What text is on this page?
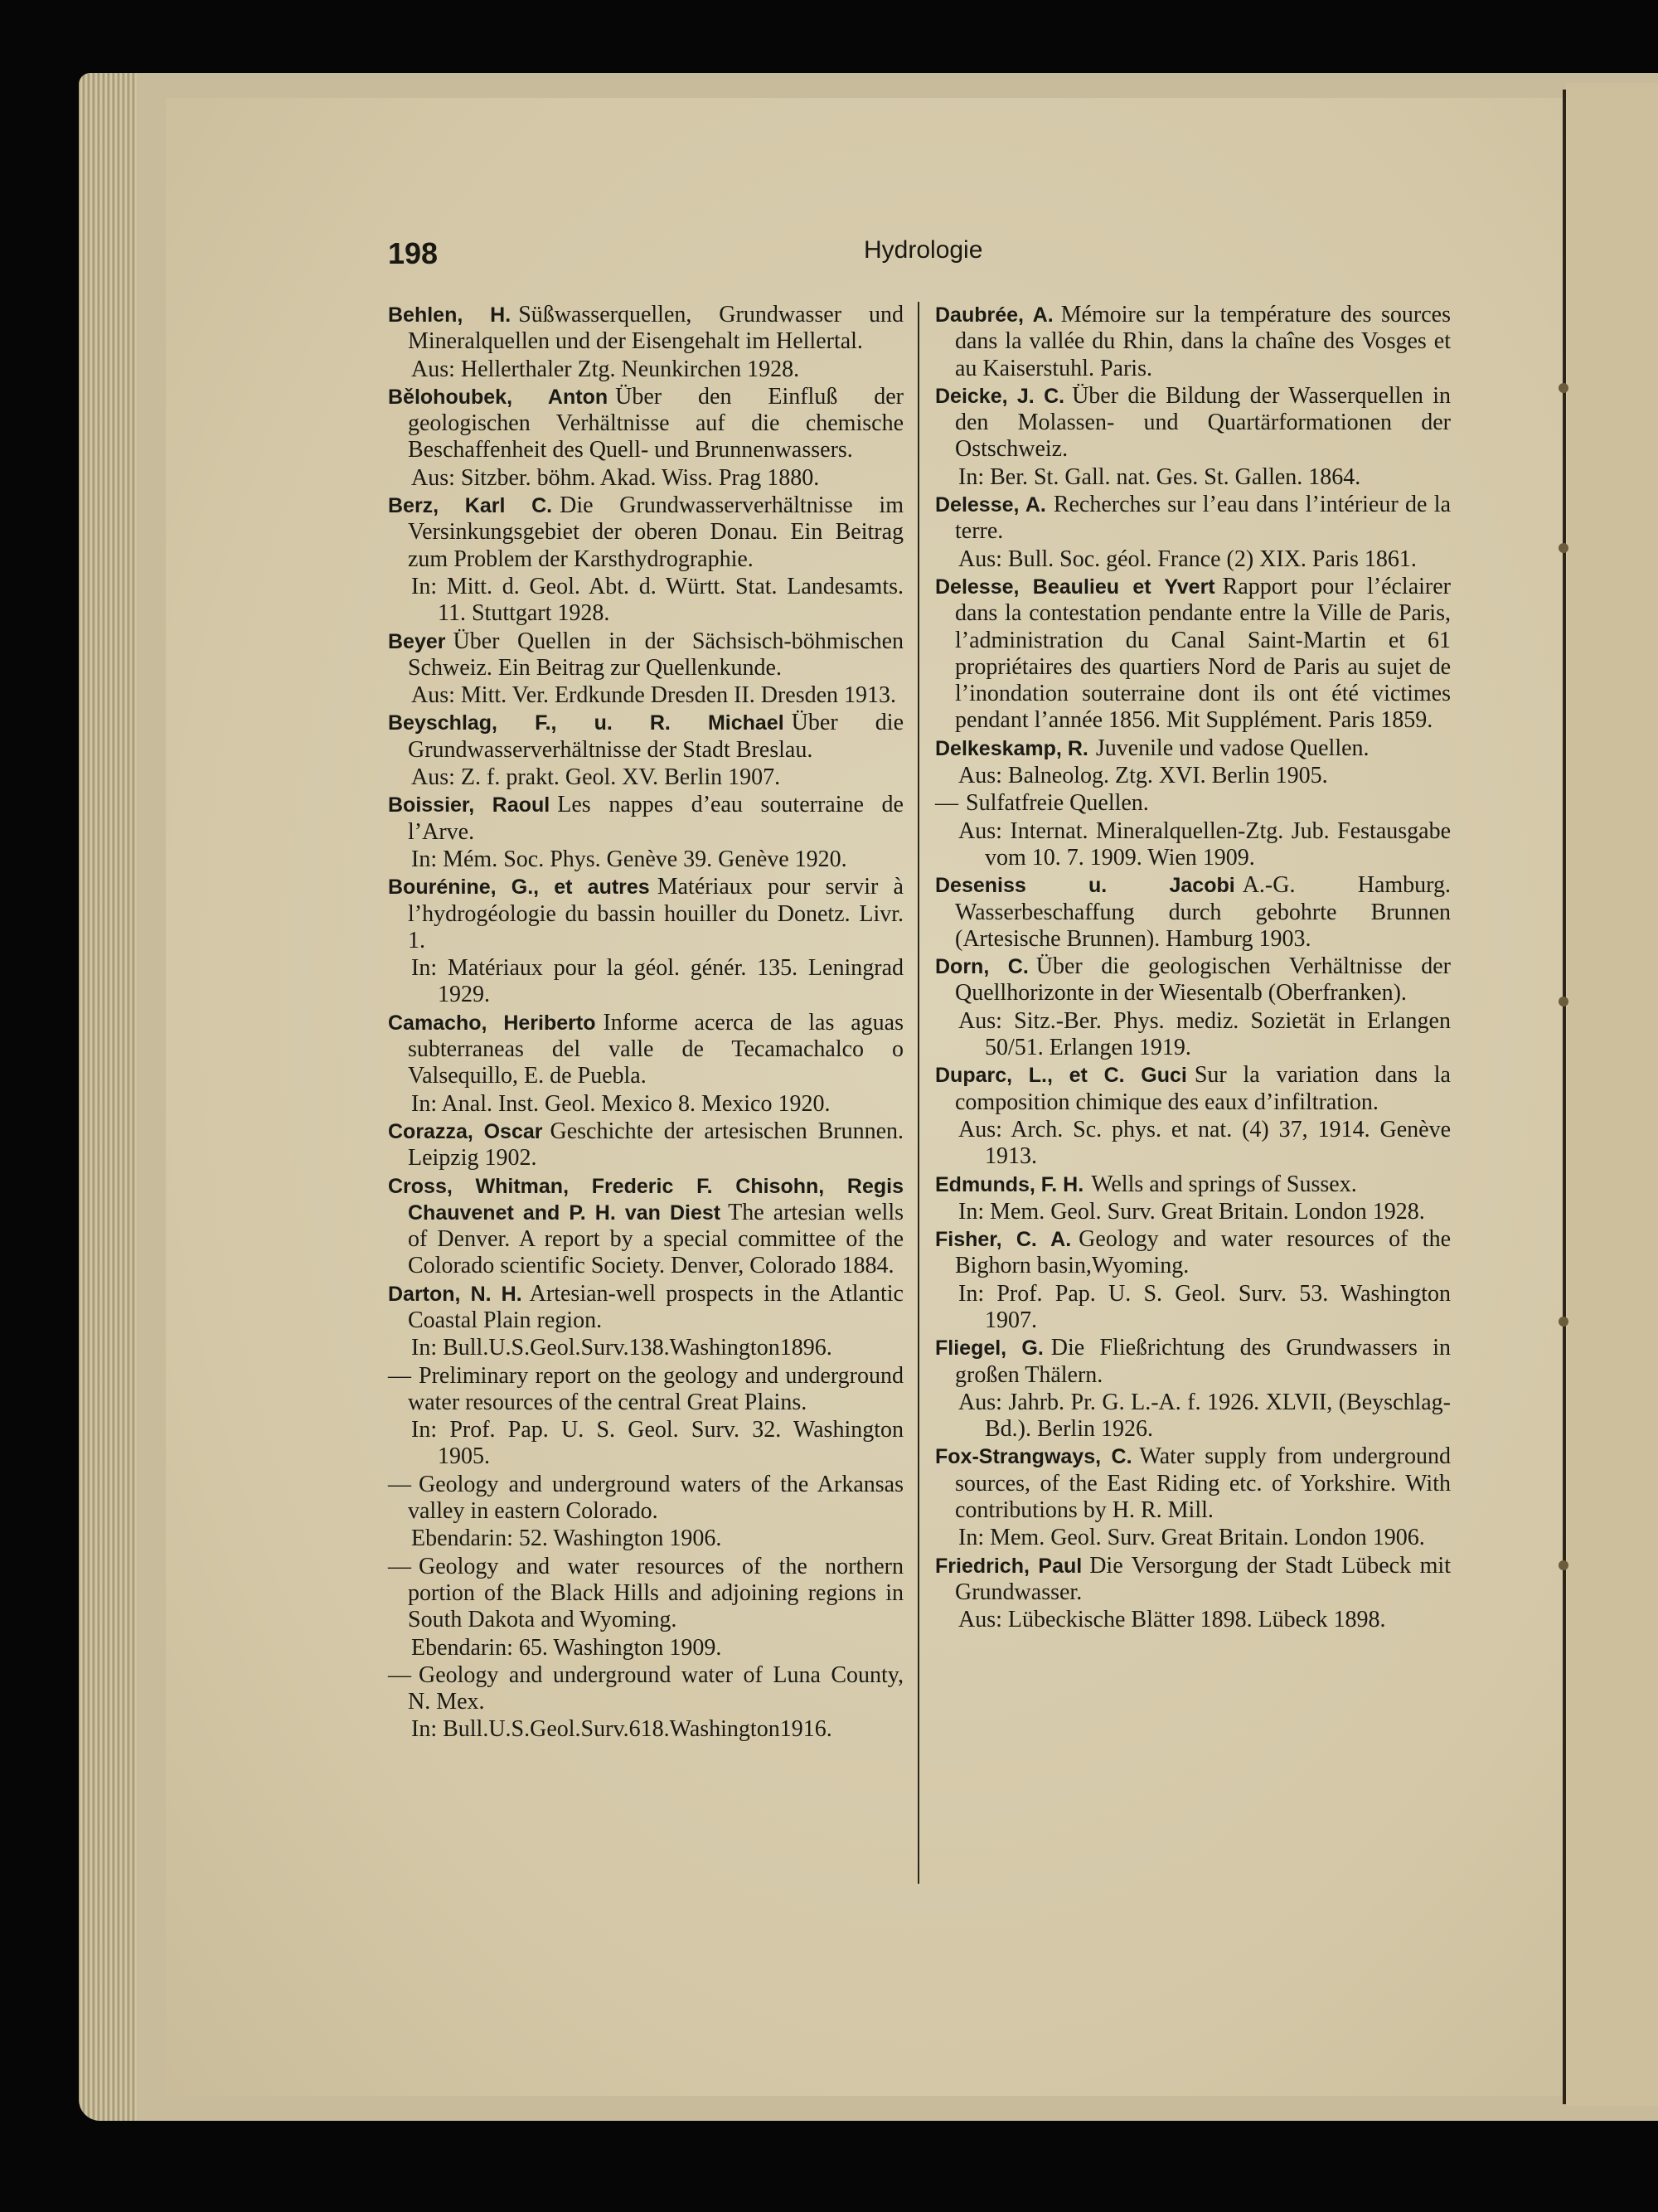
198	Hydrologie
Behlen, H. Süßwasserquellen, Grundwasser und Mineralquellen und der Eisengehalt im Hellertal.
Aus: Hellerthaler Ztg. Neunkirchen 1928.
Bělohoubek, Anton Über den Einfluß der geologischen Verhältnisse auf die chemische Beschaffenheit des Quell- und Brunnenwassers.
Aus: Sitzber. böhm. Akad. Wiss. Prag 1880.
Berz, Karl C. Die Grundwasserverhältnisse im Versinkungsgebiet der oberen Donau. Ein Beitrag zum Problem der Karsthydrographie.
In: Mitt. d. Geol. Abt. d. Württ. Stat. Landesamts. 11. Stuttgart 1928.
Beyer Über Quellen in der Sächsisch-böhmischen Schweiz. Ein Beitrag zur Quellenkunde.
Aus: Mitt. Ver. Erdkunde Dresden II. Dresden 1913.
Beyschlag, F., u. R. Michael Über die Grundwasserverhältnisse der Stadt Breslau.
Aus: Z. f. prakt. Geol. XV. Berlin 1907.
Boissier, Raoul Les nappes d’eau souterraine de l’Arve.
In: Mém. Soc. Phys. Genève 39. Genève 1920.
Bourénine, G., et autres Matériaux pour servir à l’hydrogéologie du bassin houiller du Donetz. Livr. 1.
In: Matériaux pour la géol. génér. 135. Leningrad 1929.
Camacho, Heriberto Informe acerca de las aguas subterraneas del valle de Tecamachalco o Valsequillo, E. de Puebla.
In: Anal. Inst. Geol. Mexico 8. Mexico 1920.
Corazza, Oscar Geschichte der artesischen Brunnen. Leipzig 1902.
Cross, Whitman, Frederic F. Chisohn, Regis Chauvenet and P. H. van Diest The artesian wells of Denver. A report by a special committee of the Colorado scientific Society. Denver, Colorado 1884.
Darton, N. H. Artesian-well prospects in the Atlantic Coastal Plain region.
In: Bull.U.S.Geol.Surv.138.Washington1896.
— Preliminary report on the geology and underground water resources of the central Great Plains.
In: Prof. Pap. U. S. Geol. Surv. 32. Washington 1905.
— Geology and underground waters of the Arkansas valley in eastern Colorado.
Ebendarin: 52. Washington 1906.
— Geology and water resources of the northern portion of the Black Hills and adjoining regions in South Dakota and Wyoming.
Ebendarin: 65. Washington 1909.
— Geology and underground water of Luna County, N. Mex.
In: Bull.U.S.Geol.Surv.618.Washington1916.
Daubrée, A. Mémoire sur la température des sources dans la vallée du Rhin, dans la chaîne des Vosges et au Kaiserstuhl. Paris.
Deicke, J. C. Über die Bildung der Wasserquellen in den Molassen- und Quartärformationen der Ostschweiz.
In: Ber. St. Gall. nat. Ges. St. Gallen. 1864.
Delesse, A. Recherches sur l’eau dans l’intérieur de la terre.
Aus: Bull. Soc. géol. France (2) XIX. Paris 1861.
Delesse, Beaulieu et Yvert Rapport pour l’éclairer dans la contestation pendante entre la Ville de Paris, l’administration du Canal Saint-Martin et 61 propriétaires des quartiers Nord de Paris au sujet de l’inondation souterraine dont ils ont été victimes pendant l’année 1856. Mit Supplément. Paris 1859.
Delkeskamp, R. Juvenile und vadose Quellen.
Aus: Balneolog. Ztg. XVI. Berlin 1905.
— Sulfatfreie Quellen.
Aus: Internat. Mineralquellen-Ztg. Jub. Festausgabe vom 10. 7. 1909. Wien 1909.
Deseniss u. Jacobi A.-G. Hamburg. Wasserbeschaffung durch gebohrte Brunnen (Artesische Brunnen). Hamburg 1903.
Dorn, C. Über die geologischen Verhältnisse der Quellhorizonte in der Wiesentalb (Oberfranken).
Aus: Sitz.-Ber. Phys. mediz. Sozietät in Erlangen 50/51. Erlangen 1919.
Duparc, L., et C. Guci Sur la variation dans la composition chimique des eaux d’infiltration.
Aus: Arch. Sc. phys. et nat. (4) 37, 1914. Genève 1913.
Edmunds, F. H. Wells and springs of Sussex.
In: Mem. Geol. Surv. Great Britain. London 1928.
Fisher, C. A. Geology and water resources of the Bighorn basin,Wyoming.
In: Prof. Pap. U. S. Geol. Surv. 53. Washington 1907.
Fliegel, G. Die Fließrichtung des Grundwassers in großen Thälern.
Aus: Jahrb. Pr. G. L.-A. f. 1926. XLVII, (Beyschlag-Bd.). Berlin 1926.
Fox-Strangways, C. Water supply from underground sources, of the East Riding etc. of Yorkshire. With contributions by H. R. Mill.
In: Mem. Geol. Surv. Great Britain. London 1906.
Friedrich, Paul Die Versorgung der Stadt Lübeck mit Grundwasser.
Aus: Lübeckische Blätter 1898. Lübeck 1898.
